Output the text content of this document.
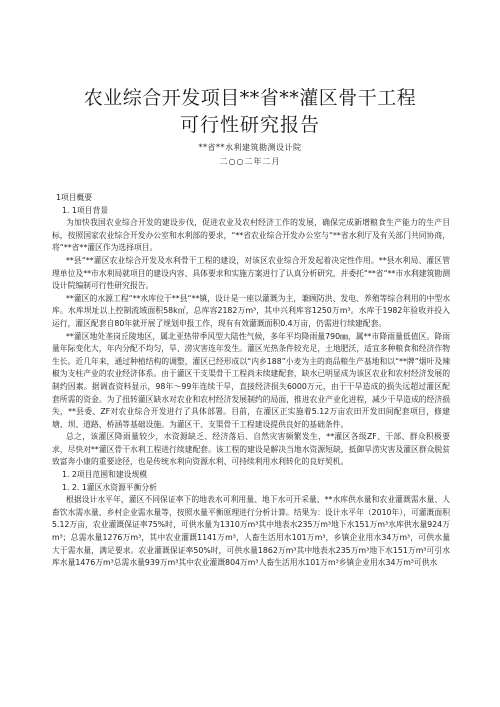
农业综合开发项目**省**灌区骨干工程
可行性研究报告
**省**水利建筑勘测设计院
二○○二年二月

1项目概要

1. 1项目背景

为加快我国农业综合开发的建设步伐，促进农业及农村经济工作的发展，确保完成新增粮食生产能力的生产目标，按照国家农业综合开发办公室和水利部的要求，“**省农业综合开发办公室与“**省水利厅及有关部门共同协商，将“**省**灌区作为选择项目。

**县“**灌区农业综合开发及水利骨干工程的建设，对该区农业综合开发起着决定性作用。**县水利局、灌区管理单位及**市水利局就项目的建设内容、具体要求和实施方案进行了认真分析研究，并委托“**省“**市水利建筑勘测设计院编制可行性研究报告。

**灌区的水源工程“**水库位于**县“**镇，设计是一座以灌溉为主，兼顾防洪、发电、养殖等综合利用的中型水库。水库坝址以上控制流域面积58k㎡，总库容2182万m³，其中兴利库容1250万m³。水库于1982年验收并投入运行，灌区配套自80年就开展了规划申报工作，现有有效灌溉面积0.4万亩，仍需进行续建配套。

**灌区地处垄岗丘陵地区，属北亚热带季风型大陆性气候，多年平均降雨量790㎜，属**市降雨量低值区。降雨量年际变化大，年内分配不均匀，旱、涝灾害连年发生。灌区光热条件较充足，土地肥沃，适宜多种粮食和经济作物生长。近几年来，通过种植结构的调整，灌区已经形成以“内乡188”小麦为主的商品粮生产基地和以“**牌”烟叶及辣椒为支柱产业的农业经济体系。由于灌区干支渠骨干工程尚未续建配套，缺水已明显成为该区农业和农村经济发展的制约因素。据调查资料显示，98年～99年连续干旱，直接经济损失6000万元，由于干旱造成的损失远超过灌区配套所需的资金。为了扭转灌区缺水对农业和农村经济发展制约的局面，推进农业产业化进程，减少干旱造成的经济损失，**县委、ZF对农业综合开发进行了具体部署。目前，在灌区正实施着5.12万亩农田开发田间配套项目，修建塘、坝、道路、桥涵等基础设施。为灌区干、支渠骨干工程建设提供良好的基础条件。

总之，该灌区降雨量较少，水资源缺乏、经济落后、自然灾害频繁发生，**灌区各级ZF、干部、群众积极要求，尽快对**灌区骨干水利工程进行续建配套。该工程的建设是解决当地水资源短缺，抵御旱涝灾害及灌区群众脱贫致富奔小康的重要途径，也是传统水利向资源水利、可持续利用水利转化的良好契机。

1. 2项目范围和建设规模

1. 2. 1灌区水资源平衡分析

根据设计水平年，灌区不同保证率下的地表水可利用量、地下水可开采量、**水库供水量和农业灌溉需水量、人畜饮水需水量、乡村企业需水量等，按照水量平衡原理进行分析计算。结果为：设计水平年（2010年），可灌溉面积5.12万亩，农业灌溉保证率75%时，可供水量为1310万m³其中地表水235万m³地下水151万m³水库供水量924万m³；总需水量1276万m³，其中农业灌溉1141万m³，人畜生活用水101万m³，乡镇企业用水34万m³，可供水量大于需水量，满足要求。农业灌溉保证率50%时，可供水量1862万m³其中地表水235万m³地下水151万m³可引水库水量1476万m³总需水量939万m³其中农业灌溉804万m³人畜生活用水101万m³乡镇企业用水34万m³可供水
